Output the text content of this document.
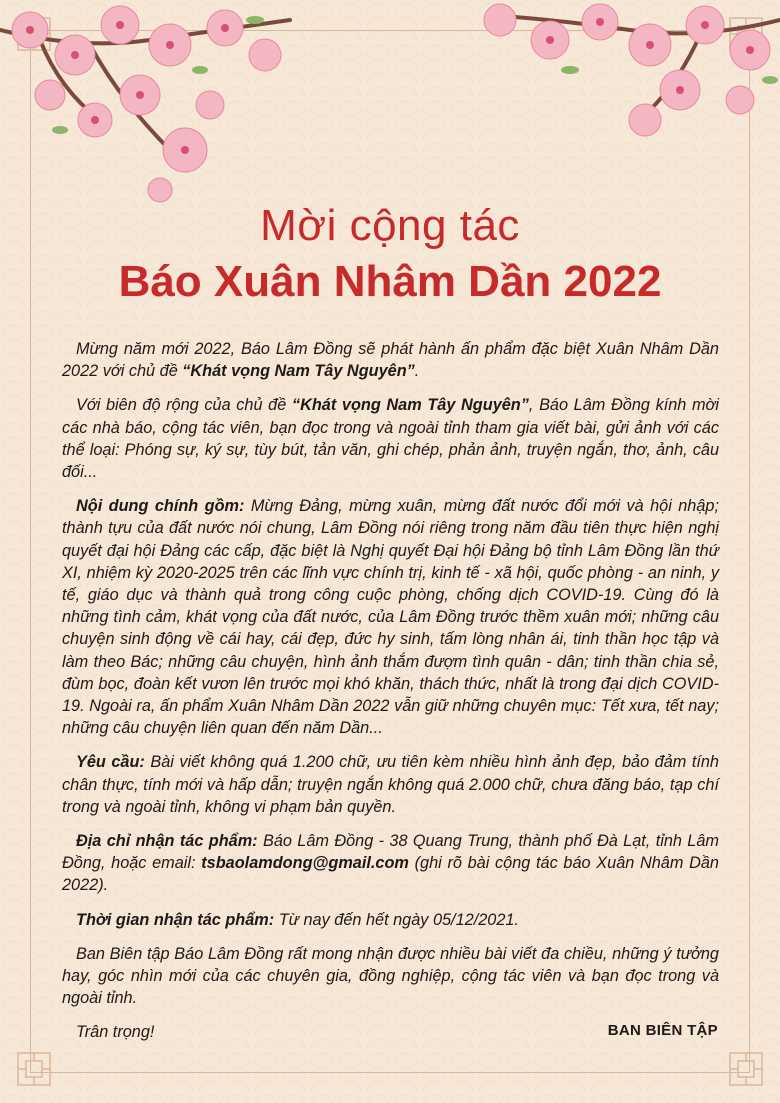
Mời cộng tác
Báo Xuân Nhâm Dần 2022

Mừng năm mới 2022, Báo Lâm Đồng sẽ phát hành ấn phẩm đặc biệt Xuân Nhâm Dần 2022 với chủ đề “Khát vọng Nam Tây Nguyên”.

Với biên độ rộng của chủ đề “Khát vọng Nam Tây Nguyên”, Báo Lâm Đồng kính mời các nhà báo, cộng tác viên, bạn đọc trong và ngoài tỉnh tham gia viết bài, gửi ảnh với các thể loại: Phóng sự, ký sự, tùy bút, tản văn, ghi chép, phản ảnh, truyện ngắn, thơ, ảnh, câu đối...

Nội dung chính gồm: Mừng Đảng, mừng xuân, mừng đất nước đổi mới và hội nhập; thành tựu của đất nước nói chung, Lâm Đồng nói riêng trong năm đầu tiên thực hiện nghị quyết đại hội Đảng các cấp, đặc biệt là Nghị quyết Đại hội Đảng bộ tỉnh Lâm Đồng lần thứ XI, nhiệm kỳ 2020-2025 trên các lĩnh vực chính trị, kinh tế - xã hội, quốc phòng - an ninh, y tế, giáo dục và thành quả trong công cuộc phòng, chống dịch COVID-19. Cùng đó là những tình cảm, khát vọng của đất nước, của Lâm Đồng trước thềm xuân mới; những câu chuyện sinh động về cái hay, cái đẹp, đức hy sinh, tấm lòng nhân ái, tinh thần học tập và làm theo Bác; những câu chuyện, hình ảnh thắm đượm tình quân - dân; tinh thần chia sẻ, đùm bọc, đoàn kết vươn lên trước mọi khó khăn, thách thức, nhất là trong đại dịch COVID-19. Ngoài ra, ấn phẩm Xuân Nhâm Dần 2022 vẫn giữ những chuyên mục: Tết xưa, tết nay; những câu chuyện liên quan đến năm Dần...

Yêu cầu: Bài viết không quá 1.200 chữ, ưu tiên kèm nhiều hình ảnh đẹp, bảo đảm tính chân thực, tính mới và hấp dẫn; truyện ngắn không quá 2.000 chữ, chưa đăng báo, tạp chí trong và ngoài tỉnh, không vi phạm bản quyền.

Địa chỉ nhận tác phẩm: Báo Lâm Đồng - 38 Quang Trung, thành phố Đà Lạt, tỉnh Lâm Đồng, hoặc email: tsbaolamdong@gmail.com (ghi rõ bài cộng tác báo Xuân Nhâm Dần 2022).

Thời gian nhận tác phẩm: Từ nay đến hết ngày 05/12/2021.

Ban Biên tập Báo Lâm Đồng rất mong nhận được nhiều bài viết đa chiều, những ý tưởng hay, góc nhìn mới của các chuyên gia, đồng nghiệp, cộng tác viên và bạn đọc trong và ngoài tỉnh.

Trân trọng!	BAN BIÊN TẬP
